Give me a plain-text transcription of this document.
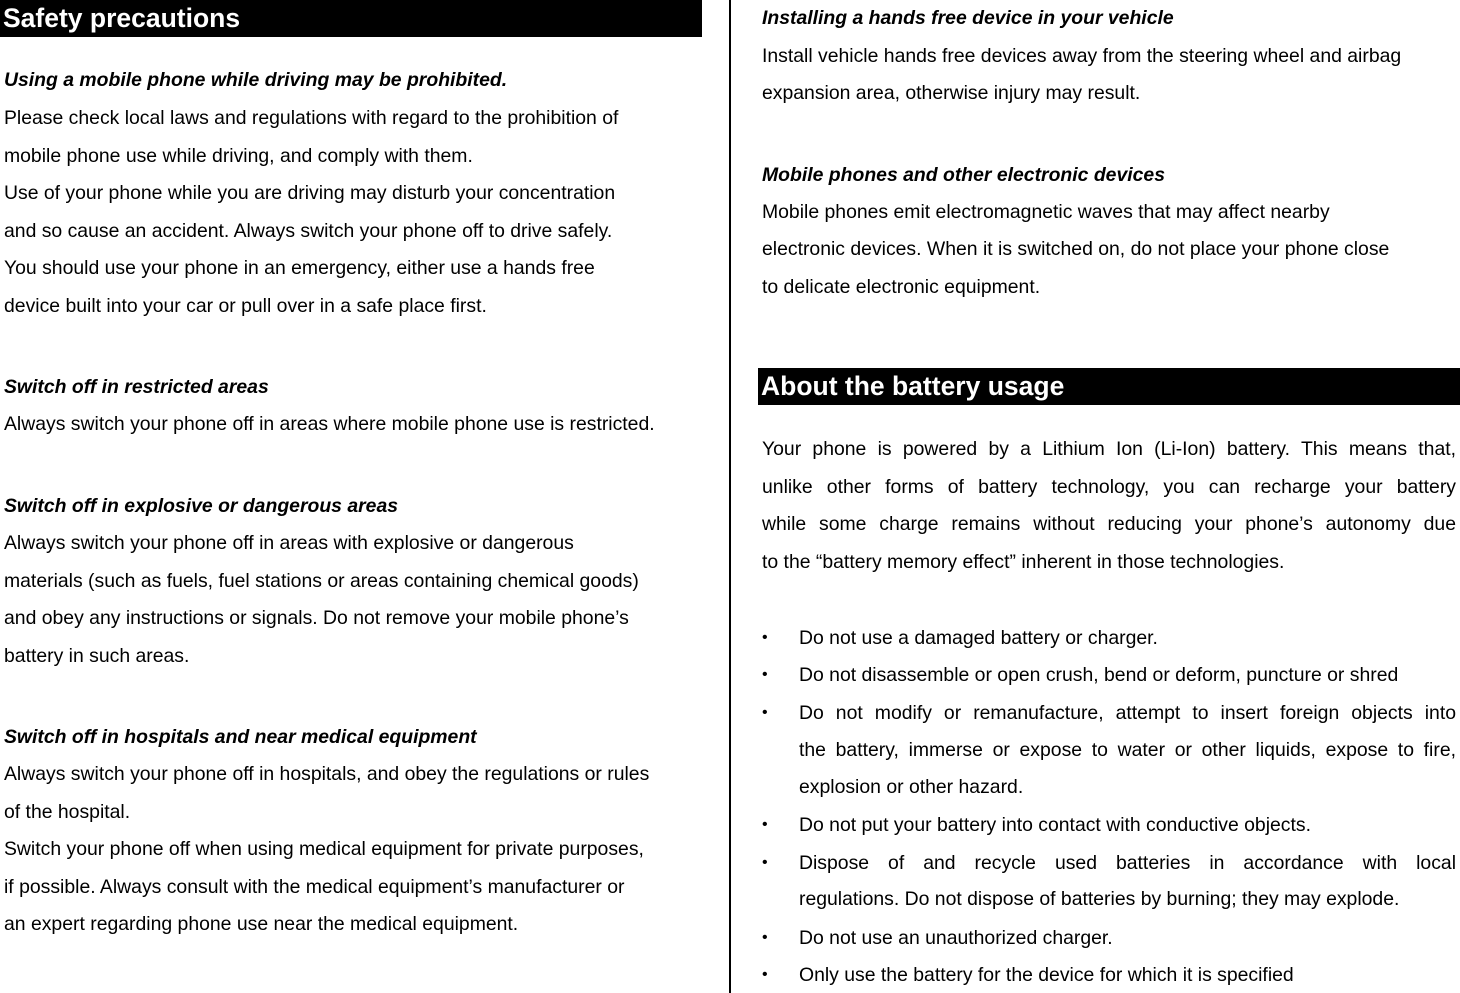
Safety precautions
Using a mobile phone while driving may be prohibited.
Please check local laws and regulations with regard to the prohibition of
mobile phone use while driving, and comply with them.
Use of your phone while you are driving may disturb your concentration
and so cause an accident. Always switch your phone off to drive safely.
You should use your phone in an emergency, either use a hands free
device built into your car or pull over in a safe place first.
Switch off in restricted areas
Always switch your phone off in areas where mobile phone use is restricted.
Switch off in explosive or dangerous areas
Always switch your phone off in areas with explosive or dangerous
materials (such as fuels, fuel stations or areas containing chemical goods)
and obey any instructions or signals. Do not remove your mobile phone’s
battery in such areas.
Switch off in hospitals and near medical equipment
Always switch your phone off in hospitals, and obey the regulations or rules
of the hospital.
Switch your phone off when using medical equipment for private purposes,
if possible. Always consult with the medical equipment’s manufacturer or
an expert regarding phone use near the medical equipment.
Installing a hands free device in your vehicle
Install vehicle hands free devices away from the steering wheel and airbag
expansion area, otherwise injury may result.
Mobile phones and other electronic devices
Mobile phones emit electromagnetic waves that may affect nearby
electronic devices. When it is switched on, do not place your phone close
to delicate electronic equipment.
About the battery usage
Your phone is powered by a Lithium Ion (Li-Ion) battery. This means that,
unlike other forms of battery technology, you can recharge your battery
while some charge remains without reducing your phone’s autonomy due
to the “battery memory effect” inherent in those technologies.
• Do not use a damaged battery or charger.
• Do not disassemble or open crush, bend or deform, puncture or shred
• Do not modify or remanufacture, attempt to insert foreign objects into
the battery, immerse or expose to water or other liquids, expose to fire,
explosion or other hazard.
• Do not put your battery into contact with conductive objects.
• Dispose of and recycle used batteries in accordance with local
regulations. Do not dispose of batteries by burning; they may explode.
• Do not use an unauthorized charger.
• Only use the battery for the device for which it is specified
